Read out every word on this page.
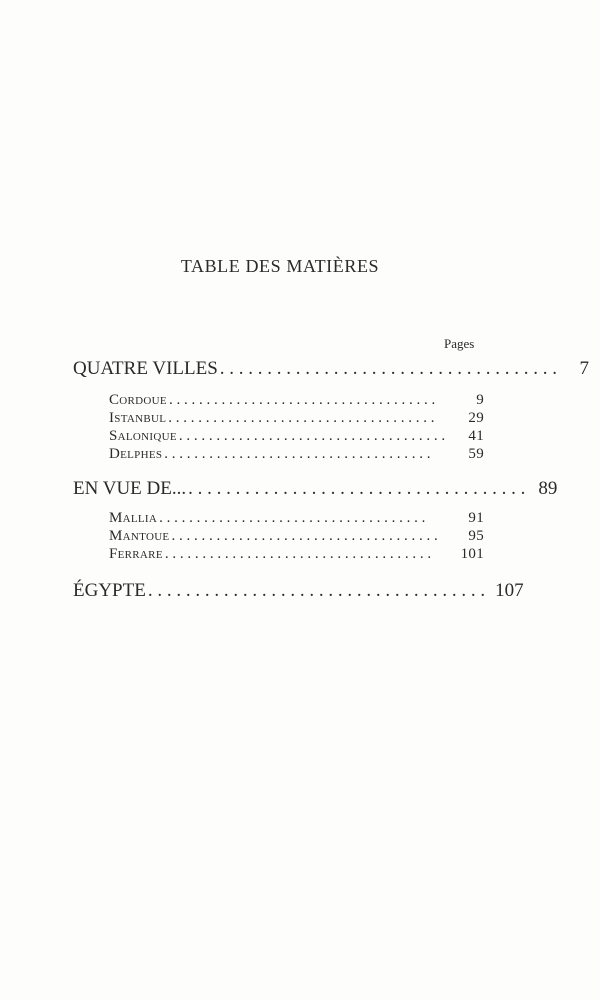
TABLE DES MATIÈRES
Pages
QUATRE VILLES . . . . . . . . . . . . . . . . . . . . . . . . . . . . . . . . . . . .	7
Cordoue . . . . . . . . . . . . . . . . . . . . . . . . . . . . . . . . . . . .	9
Istanbul . . . . . . . . . . . . . . . . . . . . . . . . . . . . . . . . . . . .	29
Salonique . . . . . . . . . . . . . . . . . . . . . . . . . . . . . . . . . . . .	41
Delphes . . . . . . . . . . . . . . . . . . . . . . . . . . . . . . . . . . . .	59
EN VUE DE... . . . . . . . . . . . . . . . . . . . . . . . . . . . . . . . . . . . . 89
Mallia . . . . . . . . . . . . . . . . . . . . . . . . . . . . . . . . . . . .	91
Mantoue . . . . . . . . . . . . . . . . . . . . . . . . . . . . . . . . . . . .	95
Ferrare . . . . . . . . . . . . . . . . . . . . . . . . . . . . . . . . . . . .	101
ÉGYPTE . . . . . . . . . . . . . . . . . . . . . . . . . . . . . . . . . . . . 107
